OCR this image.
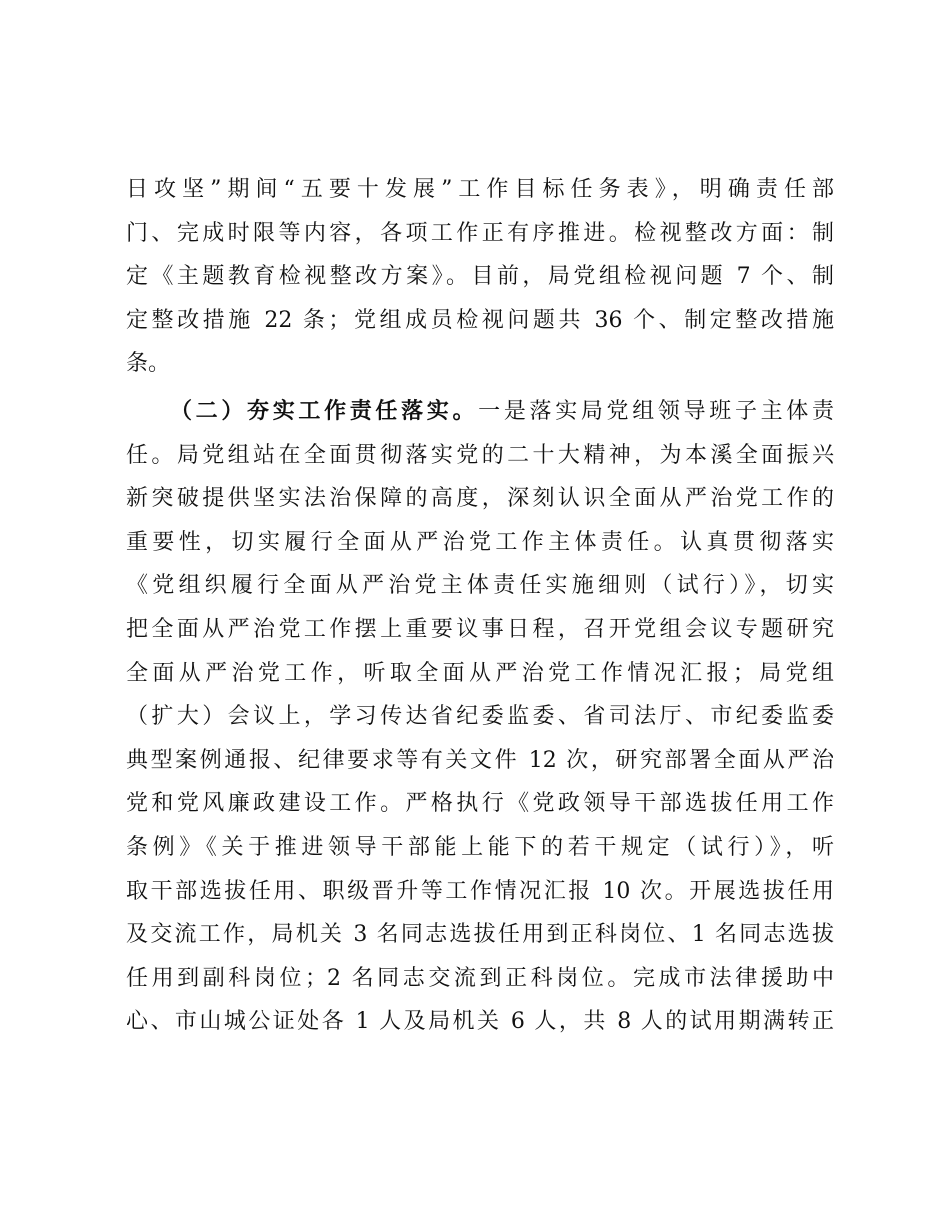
日攻坚”期间“五要十发展”工作目标任务表》，明确责任部
门、完成时限等内容，各项工作正有序推进。检视整改方面：制
定《主题教育检视整改方案》。目前，局党组检视问题 7 个、制
定整改措施 22 条；党组成员检视问题共 36 个、制定整改措施
条。
（二）夯实工作责任落实。一是落实局党组领导班子主体责
任。局党组站在全面贯彻落实党的二十大精神，为本溪全面振兴
新突破提供坚实法治保障的高度，深刻认识全面从严治党工作的
重要性，切实履行全面从严治党工作主体责任。认真贯彻落实
《党组织履行全面从严治党主体责任实施细则（试行）》，切实
把全面从严治党工作摆上重要议事日程，召开党组会议专题研究
全面从严治党工作，听取全面从严治党工作情况汇报；局党组
（扩大）会议上，学习传达省纪委监委、省司法厅、市纪委监委
典型案例通报、纪律要求等有关文件 12 次，研究部署全面从严治
党和党风廉政建设工作。严格执行《党政领导干部选拔任用工作
条例》《关于推进领导干部能上能下的若干规定（试行）》，听
取干部选拔任用、职级晋升等工作情况汇报 10 次。开展选拔任用
及交流工作，局机关 3 名同志选拔任用到正科岗位、1 名同志选拔
任用到副科岗位；2 名同志交流到正科岗位。完成市法律援助中
心、市山城公证处各 1 人及局机关 6 人，共 8 人的试用期满转正
